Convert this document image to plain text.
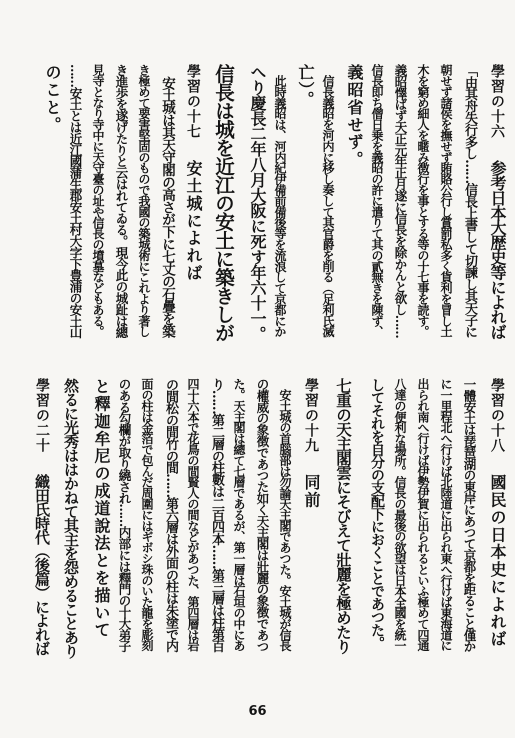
學習の十六
参考日本大歴史等によれば
「由其舟失行多し……信長上書して切諫し其天子に
朝せず諸侯を撫せず賄賂公行し賞罰私多く貨利を冒し土
木を窮め細人を暱み徴行を事とする等の十七事を読す。
義昭懌ばず天正元年正月遂に信長を除かんと欲し……
信長即ち僧日乗を義昭の許に遣りて其の貳無きを陳ず、
義昭省せず。
　信長義昭を河内に移し奏して其官爵を削る（足利氏滅
亡）。
　此時義昭は、河内紀伊備前備後等を流浪して京都にか
へり慶長二年八月大阪に死す年六十一。
信長は城を近江の安土に築きしが
學習の十七
安土城によれば
　安土城は其天守閣の高さが下に七丈の石疊を築
き極めて要害堅固のもので我國の築城術にこれより著し
き進歩を遂げたりと云はれてゐる。現今此の城趾は總
見寺となり寺中に天守臺の址や信長の墳墓などもある。
……安土とは近江國蒲生郡安土村大字下豊浦の安土山
のこと。
學習の十八
國民の日本史によれば
一體安土は琵琶湖の東岸にあつて京都を距ること僅か
に一里程北へ行けば北陸道に出られ東へ行けば東海道に
出られ南へ行けば伊勢伊賀に出られるといふ極めて四通
八達の便利な場所。信長の最後の欲望は日本全國を統一
してそれを自分の支配下におくことであつた。
七重の天主閣雲にそびえて壯麗を極めたり
學習の十九
同前
　安土城の首腦部は勿論天主閣であつた。安土城が信長
の權威の象徴であつた如く天主閣は壯麗の象徴であつ
た。天主閣は總て七層であるが、第一層は石垣の中にあ
り……第二層の柱數は二百四本……第三層は柱第百
四十六本で花鳥の間賢人の間などがあつた、第四層は岩
の間松の間竹の間……第六層は外面の柱は朱塗で内
面の柱は金箔で包んだ周圍にはギボシ珠のいた龍を彫刻
のある勾欄が取り繞され……内部には釋門の十大弟子
と釋迦牟尼の成道說法とを描いて
然るに光秀ははかねて其主を怨めることあり
學習の二十
織田氏時代（後篇）によれば
66
